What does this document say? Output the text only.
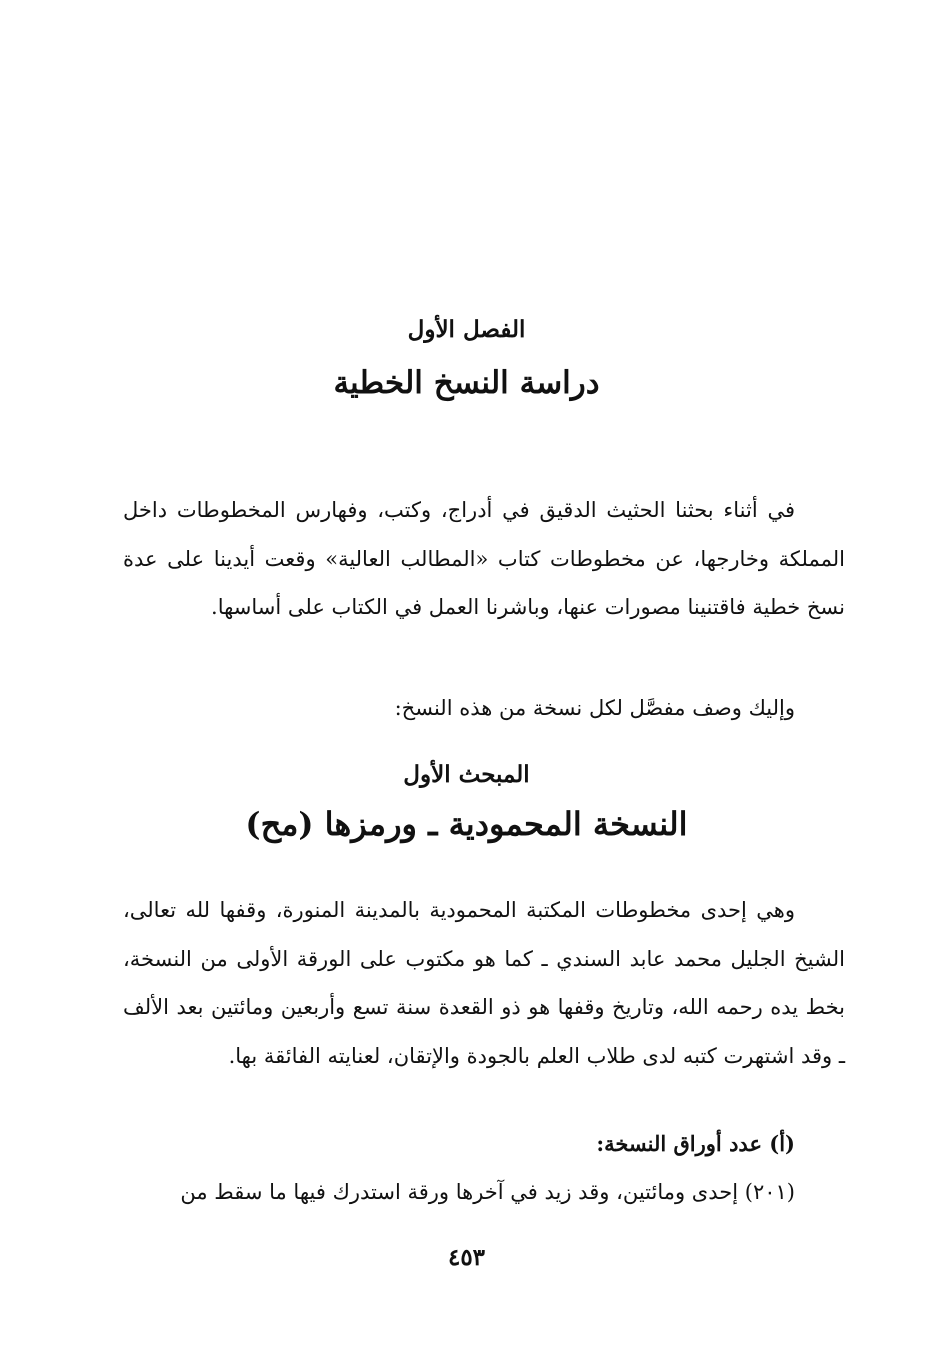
الفصل الأول
دراسة النسخ الخطية

في أثناء بحثنا الحثيث الدقيق في أدراج، وكتب، وفهارس المخطوطات داخل المملكة وخارجها، عن مخطوطات كتاب «المطالب العالية» وقعت أيدينا على عدة نسخ خطية فاقتنينا مصورات عنها، وباشرنا العمل في الكتاب على أساسها.

وإليك وصف مفصَّل لكل نسخة من هذه النسخ:

المبحث الأول
النسخة المحمودية ـ ورمزها (مح)

وهي إحدى مخطوطات المكتبة المحمودية بالمدينة المنورة، وقفها لله تعالى، الشيخ الجليل محمد عابد السندي ـ كما هو مكتوب على الورقة الأولى من النسخة، بخط يده رحمه الله، وتاريخ وقفها هو ذو القعدة سنة تسع وأربعين ومائتين بعد الألف ـ وقد اشتهرت كتبه لدى طلاب العلم بالجودة والإتقان، لعنايته الفائقة بها.

(أ) عدد أوراق النسخة:

(٢٠١) إحدى ومائتين، وقد زيد في آخرها ورقة استدرك فيها ما سقط من

٤٥٣
